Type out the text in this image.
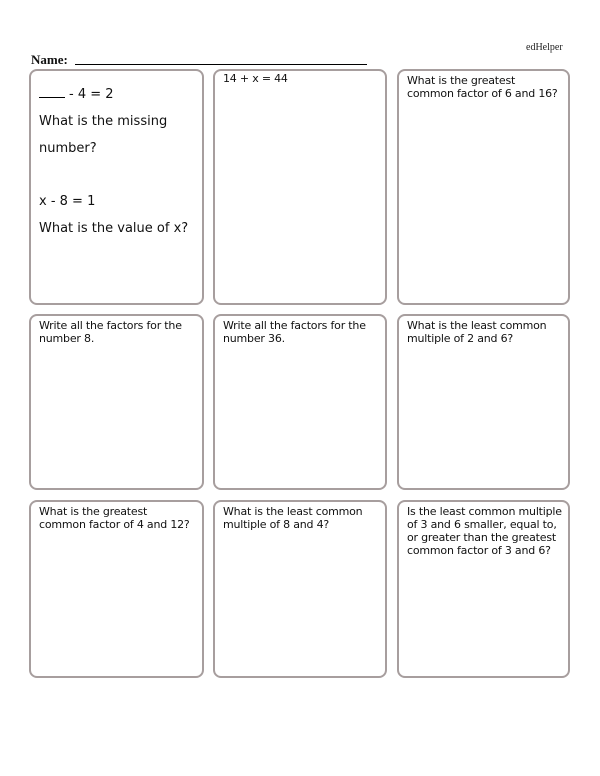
edHelper
Name:
- 4 = 2
What is the missing
number?
x - 8 = 1
What is the value of x?
14 + x = 44	What is the greatest common factor of 6 and 16?
Write all the factors for the number 8.
Write all the factors for the number 36.
What is the least common multiple of 2 and 6?
What is the greatest common factor of 4 and 12?
What is the least common multiple of 8 and 4?
Is the least common multiple of 3 and 6 smaller, equal to, or greater than the greatest common factor of 3 and 6?
